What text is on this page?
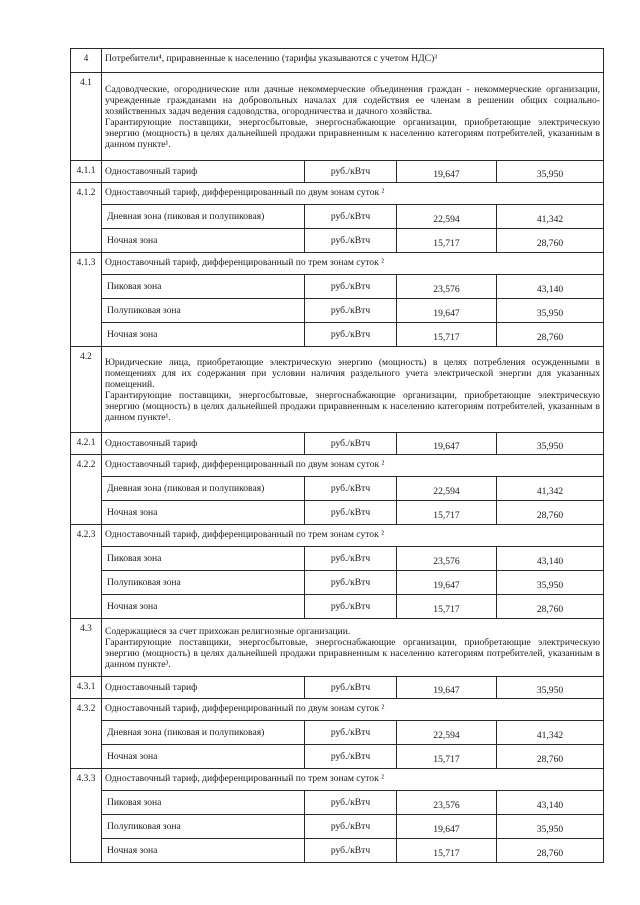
4	Потребители⁴, приравненные к населению (тарифы указываются с учетом НДС)³			
4.1	Садоводческие, огороднические или дачные некоммерческие объединения граждан - некоммерческие организации, учрежденные гражданами на добровольных началах для содействия ее членам в решении общих социально-хозяйственных задач ведения садоводства, огородничества и дачного хозяйства.
Гарантирующие поставщики, энергосбытовые, энергоснабжающие организации, приобретающие электрическую энергию (мощность) в целях дальнейшей продажи приравненным к населению категориям потребителей, указанным в данном пункте¹.			

4.1.1	Одноставочный тариф	руб./кВтч	19,647	35,950
4.1.2	Одноставочный тариф, дифференцированный по двум зонам суток ²			
	Дневная зона (пиковая и полупиковая)	руб./кВтч	22,594	41,342
	Ночная зона	руб./кВтч	15,717	28,760
4.1.3	Одноставочный тариф, дифференцированный по трем зонам суток ²			
	Пиковая зона	руб./кВтч	23,576	43,140
	Полупиковая зона	руб./кВтч	19,647	35,950
	Ночная зона	руб./кВтч	15,717	28,760
4.2	Юридические лица, приобретающие электрическую энергию (мощность) в целях потребления осужденными в помещениях для их содержания при условии наличия раздельного учета электрической энергии для указанных помещений.
Гарантирующие поставщики, энергосбытовые, энергоснабжающие организации, приобретающие электрическую энергию (мощность) в целях дальнейшей продажи приравненным к населению категориям потребителей, указанным в данном пункте¹.			

4.2.1	Одноставочный тариф	руб./кВтч	19,647	35,950
4.2.2	Одноставочный тариф, дифференцированный по двум зонам суток ²			
	Дневная зона (пиковая и полупиковая)	руб./кВтч	22,594	41,342
	Ночная зона	руб./кВтч	15,717	28,760
4.2.3	Одноставочный тариф, дифференцированный по трем зонам суток ²			
	Пиковая зона	руб./кВтч	23,576	43,140
	Полупиковая зона	руб./кВтч	19,647	35,950
	Ночная зона	руб./кВтч	15,717	28,760
4.3	Содержащиеся за счет прихожан религиозные организации.
Гарантирующие поставщики, энергосбытовые, энергоснабжающие организации, приобретающие электрическую энергию (мощность) в целях дальнейшей продажи приравненным к населению категориям потребителей, указанным в данном пункте³.			

4.3.1	Одноставочный тариф	руб./кВтч	19,647	35,950
4.3.2	Одноставочный тариф, дифференцированный по двум зонам суток ²			
	Дневная зона (пиковая и полупиковая)	руб./кВтч	22,594	41,342
	Ночная зона	руб./кВтч	15,717	28,760
4.3.3	Одноставочный тариф, дифференцированный по трем зонам суток ²			
	Пиковая зона	руб./кВтч	23,576	43,140
	Полупиковая зона	руб./кВтч	19,647	35,950
	Ночная зона	руб./кВтч	15,717	28,760
